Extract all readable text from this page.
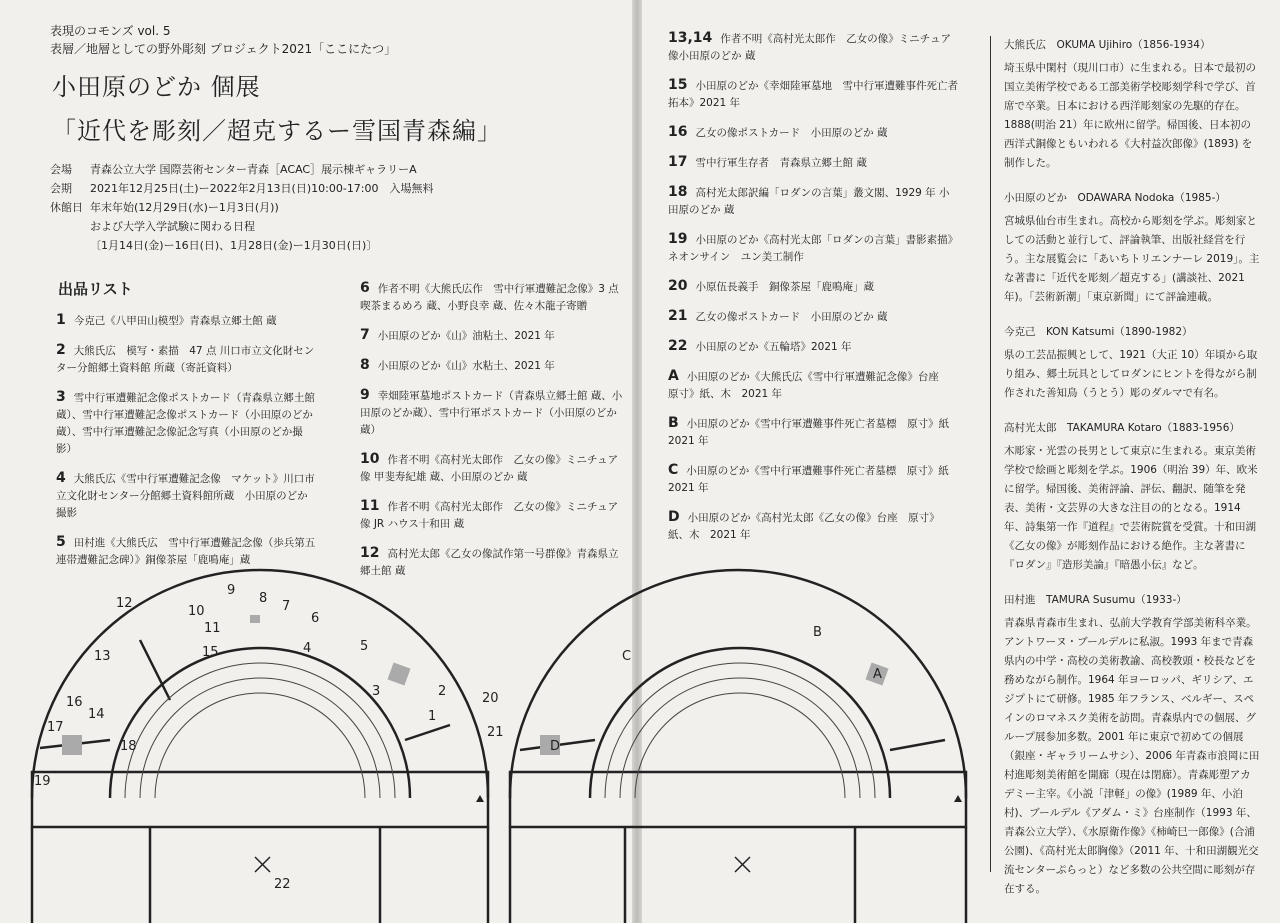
表現のコモンズ vol. 5
表層／地層としての野外彫刻 プロジェクト2021「ここにたつ」
小田原のどか 個展
「近代を彫刻／超克するー雪国青森編」
会場	青森公立大学 国際芸術センター青森［ACAC］展示棟ギャラリーA
会期	2021年12月25日(土)ー2022年2月13日(日)10:00-17:00　入場無料
休館日 年末年始(12月29日(水)ー1月3日(月))
および大学入学試験に関わる日程
〔1月14日(金)ー16日(日)、1月28日(金)ー1月30日(日)〕
出品リスト
1 今克己《八甲田山模型》青森県立郷土館 蔵
2 大熊氏広　模写・素描　47 点 川口市立文化財センター分館郷土資料館 所蔵（寄託資料）
3 雪中行軍遭難記念像ポストカード（青森県立郷土館蔵）、雪中行軍遭難記念像ポストカード（小田原のどか蔵）、雪中行軍遭難記念像記念写真（小田原のどか撮影）
4 大熊氏広《雪中行軍遭難記念像　マケット》川口市立文化財センター分館郷土資料館所蔵　小田原のどか撮影
5 田村進《大熊氏広　雪中行軍遭難記念像（歩兵第五連帯遭難記念碑）》銅像茶屋「鹿鳴庵」蔵
6 作者不明《大熊氏広作　雪中行軍遭難記念像》3 点　喫茶まるめろ 蔵、小野良幸 蔵、佐々木龍子寄贈
7 小田原のどか《山》油粘土、2021 年
8 小田原のどか《山》水粘土、2021 年
9 幸畑陸軍墓地ポストカード（青森県立郷土館 蔵、小田原のどか蔵）、雪中行軍ポストカード（小田原のどか 蔵）
10 作者不明《高村光太郎作　乙女の像》ミニチュア像 甲斐寿紀雄 蔵、小田原のどか 蔵
11 作者不明《高村光太郎作　乙女の像》ミニチュア像 JR ハウス十和田 蔵
12 高村光太郎《乙女の像試作第一号群像》青森県立郷土館 蔵
13,14 作者不明《高村光太郎作　乙女の像》ミニチュア像小田原のどか 蔵
15 小田原のどか《幸畑陸軍墓地　雪中行軍遭難事件死亡者　拓本》2021 年
16 乙女の像ポストカード　小田原のどか 蔵
17 雪中行軍生存者　青森県立郷土館 蔵
18 高村光太郎訳編「ロダンの言葉」叢文閣、1929 年 小田原のどか 蔵
19 小田原のどか《高村光太郎「ロダンの言葉」書影素描》ネオンサイン　ユン美工制作
20 小原伍長義手　銅像茶屋「鹿鳴庵」蔵
21 乙女の像ポストカード　小田原のどか 蔵
22 小田原のどか《五輪塔》2021 年
A 小田原のどか《大熊氏広《雪中行軍遭難記念像》台座　原寸》紙、木　2021 年
B 小田原のどか《雪中行軍遭難事件死亡者墓標　原寸》紙　2021 年
C 小田原のどか《雪中行軍遭難事件死亡者墓標　原寸》紙　2021 年
D 小田原のどか《高村光太郎《乙女の像》台座　原寸》紙、木　2021 年
大熊氏広　OKUMA Ujihiro（1856-1934）
埼玉県中閑村（現川口市）に生まれる。日本で最初の国立美術学校である工部美術学校彫刻学科で学び、首席で卒業。日本における西洋彫刻家の先駆的存在。1888(明治 21）年に欧州に留学。帰国後、日本初の西洋式銅像ともいわれる《大村益次郎像》(1893) を制作した。
小田原のどか　ODAWARA Nodoka（1985-）
宮城県仙台市生まれ。高校から彫刻を学ぶ。彫刻家としての活動と並行して、評論執筆、出版社経営を行う。主な展覧会に「あいちトリエンナーレ 2019」。主な著書に「近代を彫刻／超克する」(講談社、2021 年)。「芸術新潮」「東京新聞」にて評論連載。
今克己　KON Katsumi（1890-1982）
県の工芸品振興として、1921（大正 10）年頃から取り組み、郷土玩具としてロダンにヒントを得ながら制作された善知鳥（うとう）彫のダルマで有名。
高村光太郎　TAKAMURA Kotaro（1883-1956）
木彫家・光雲の長男として東京に生まれる。東京美術学校で絵画と彫刻を学ぶ。1906（明治 39）年、欧米に留学。帰国後、美術評論、評伝、翻訳、随筆を発表、美術・文芸界の大きな注目の的となる。1914 年、詩集第一作『道程』で芸術院賞を受賞。十和田湖《乙女の像》が彫刻作品における絶作。主な著書に『ロダン』『造形美論』『暗愚小伝』など。
田村進　TAMURA Susumu（1933-）
青森県青森市生まれ、弘前大学教育学部美術科卒業。アントワーヌ・ブールデルに私淑。1993 年まで青森県内の中学・高校の美術教諭、高校教頭・校長などを務めながら制作。1964 年ヨーロッパ、ギリシア、エジプトにて研修。1985 年フランス、ベルギー、スペインのロマネスク美術を訪問。青森県内での個展、グループ展参加多数。2001 年に東京で初めての個展（銀座・ギャラリームサシ）、2006 年青森市浪岡に田村進彫刻美術館を開廊（現在は閉廊）。青森彫塑アカデミー主宰。《小説「津軽」の像》(1989 年、小泊村)、ブールデル《アダム・ミ》台座制作（1993 年、青森公立大学）、《水原衛作像》《柿崎巳一郎像》(合浦公園)、《高村光太郎胸像》（2011 年、十和田湖観光交流センターぷらっと）など多数の公共空間に彫刻が存在する。
1
2
3
4	5
6
7
8
9
10
11
12
13
14
15
16
17
18
19
20
21
22
A
B
C
D
